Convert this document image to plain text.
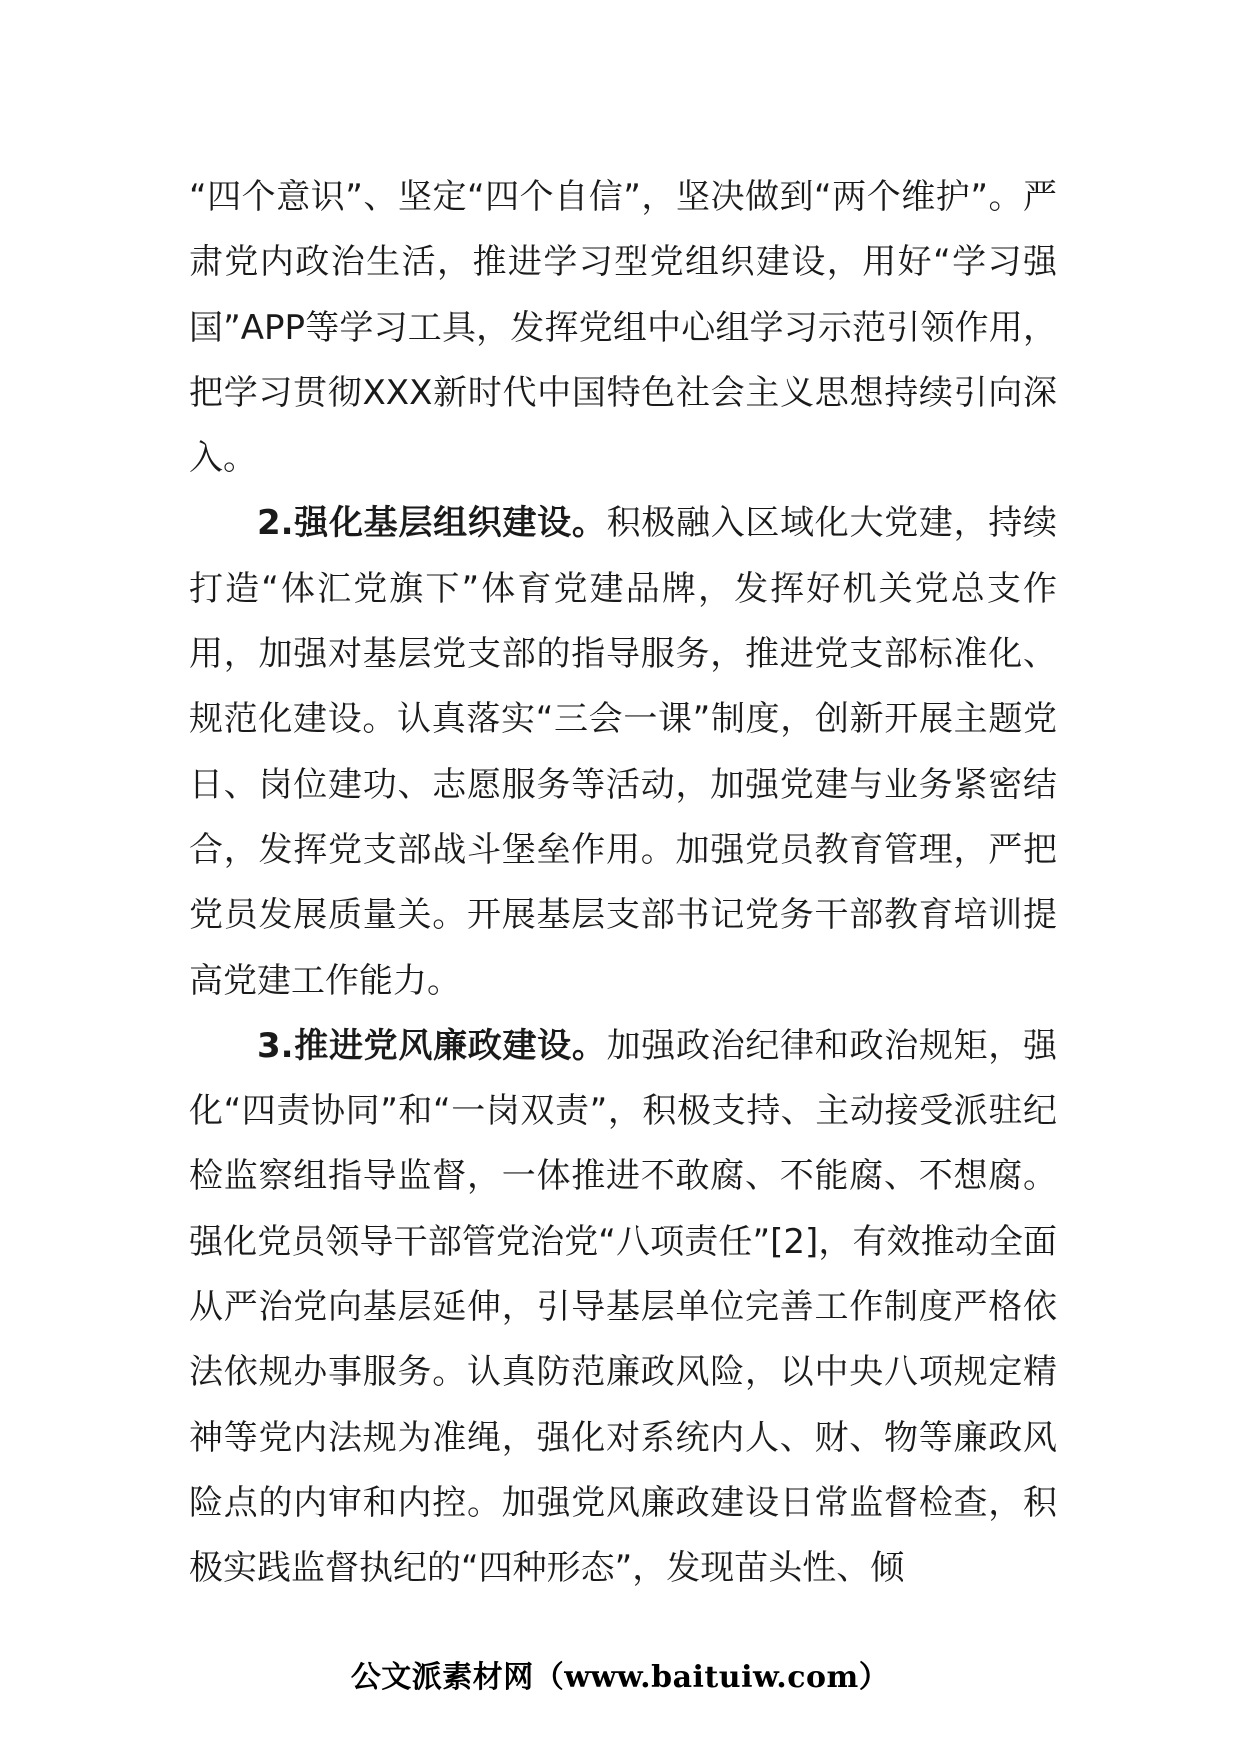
“四个意识”、坚定“四个自信”，坚决做到“两个维护”。严肃党内政治生活，推进学习型党组织建设，用好“学习强国”APP等学习工具，发挥党组中心组学习示范引领作用，把学习贯彻XXX新时代中国特色社会主义思想持续引向深入。

2.强化基层组织建设。积极融入区域化大党建，持续打造“体汇党旗下”体育党建品牌，发挥好机关党总支作用，加强对基层党支部的指导服务，推进党支部标准化、规范化建设。认真落实“三会一课”制度，创新开展主题党日、岗位建功、志愿服务等活动，加强党建与业务紧密结合，发挥党支部战斗堡垒作用。加强党员教育管理，严把党员发展质量关。开展基层支部书记党务干部教育培训提高党建工作能力。

3.推进党风廉政建设。加强政治纪律和政治规矩，强化“四责协同”和“一岗双责”，积极支持、主动接受派驻纪检监察组指导监督，一体推进不敢腐、不能腐、不想腐。强化党员领导干部管党治党“八项责任”[2]，有效推动全面从严治党向基层延伸，引导基层单位完善工作制度严格依法依规办事服务。认真防范廉政风险，以中央八项规定精神等党内法规为准绳，强化对系统内人、财、物等廉政风险点的内审和内控。加强党风廉政建设日常监督检查，积极实践监督执纪的“四种形态”，发现苗头性、倾

公文派素材网（www.baituiw.com）
